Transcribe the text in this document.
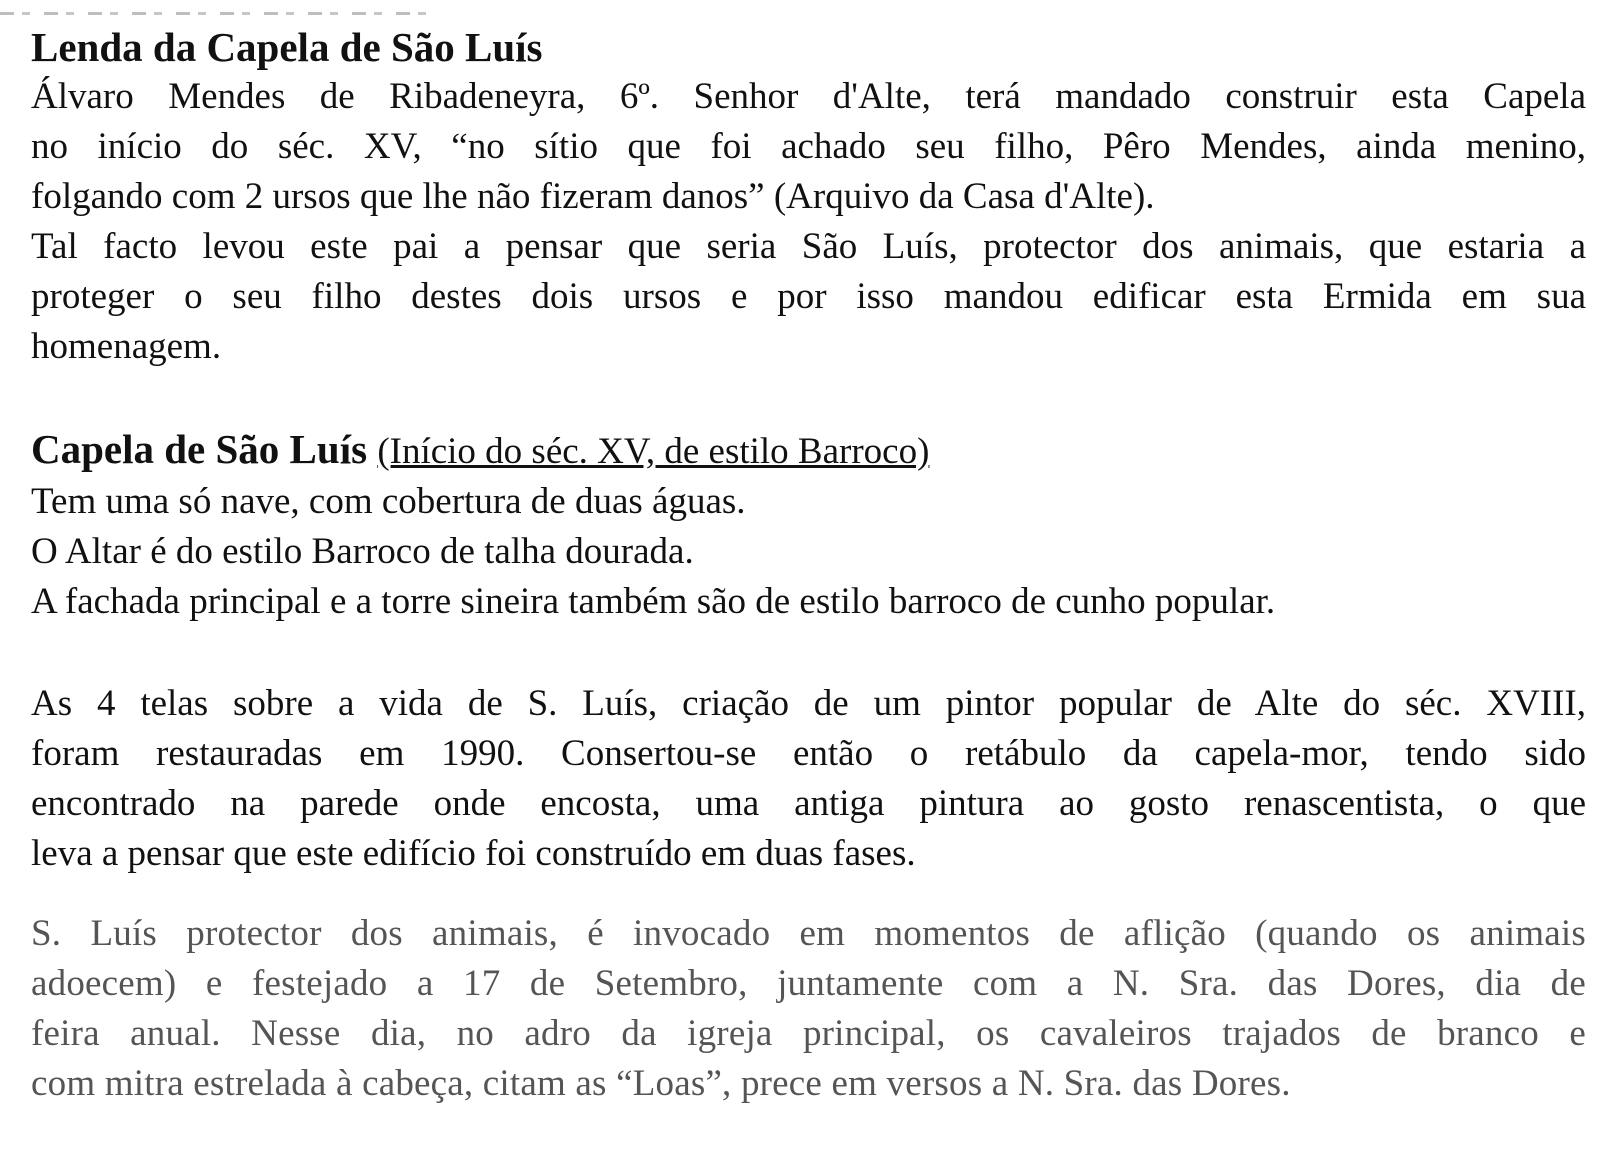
Lenda da Capela de São Luís

Álvaro Mendes de Ribadeneyra, 6º. Senhor d'Alte, terá mandado construir esta Capela
no início do séc. XV, “no sítio que foi achado seu filho, Pêro Mendes, ainda menino,
folgando com 2 ursos que lhe não fizeram danos” (Arquivo da Casa d'Alte).
Tal facto levou este pai a pensar que seria São Luís, protector dos animais, que estaria a
proteger o seu filho destes dois ursos e por isso mandou edificar esta Ermida em sua
homenagem.

Capela de São Luís (Início do séc. XV, de estilo Barroco)

Tem uma só nave, com cobertura de duas águas.
O Altar é do estilo Barroco de talha dourada.
A fachada principal e a torre sineira também são de estilo barroco de cunho popular.

As 4 telas sobre a vida de S. Luís, criação de um pintor popular de Alte do séc. XVIII,
foram restauradas em 1990. Consertou-se então o retábulo da capela-mor, tendo sido
encontrado na parede onde encosta, uma antiga pintura ao gosto renascentista, o que
leva a pensar que este edifício foi construído em duas fases.

S. Luís protector dos animais, é invocado em momentos de aflição (quando os animais
adoecem) e festejado a 17 de Setembro, juntamente com a N. Sra. das Dores, dia de
feira anual. Nesse dia, no adro da igreja principal, os cavaleiros trajados de branco e
com mitra estrelada à cabeça, citam as “Loas”, prece em versos a N. Sra. das Dores.
